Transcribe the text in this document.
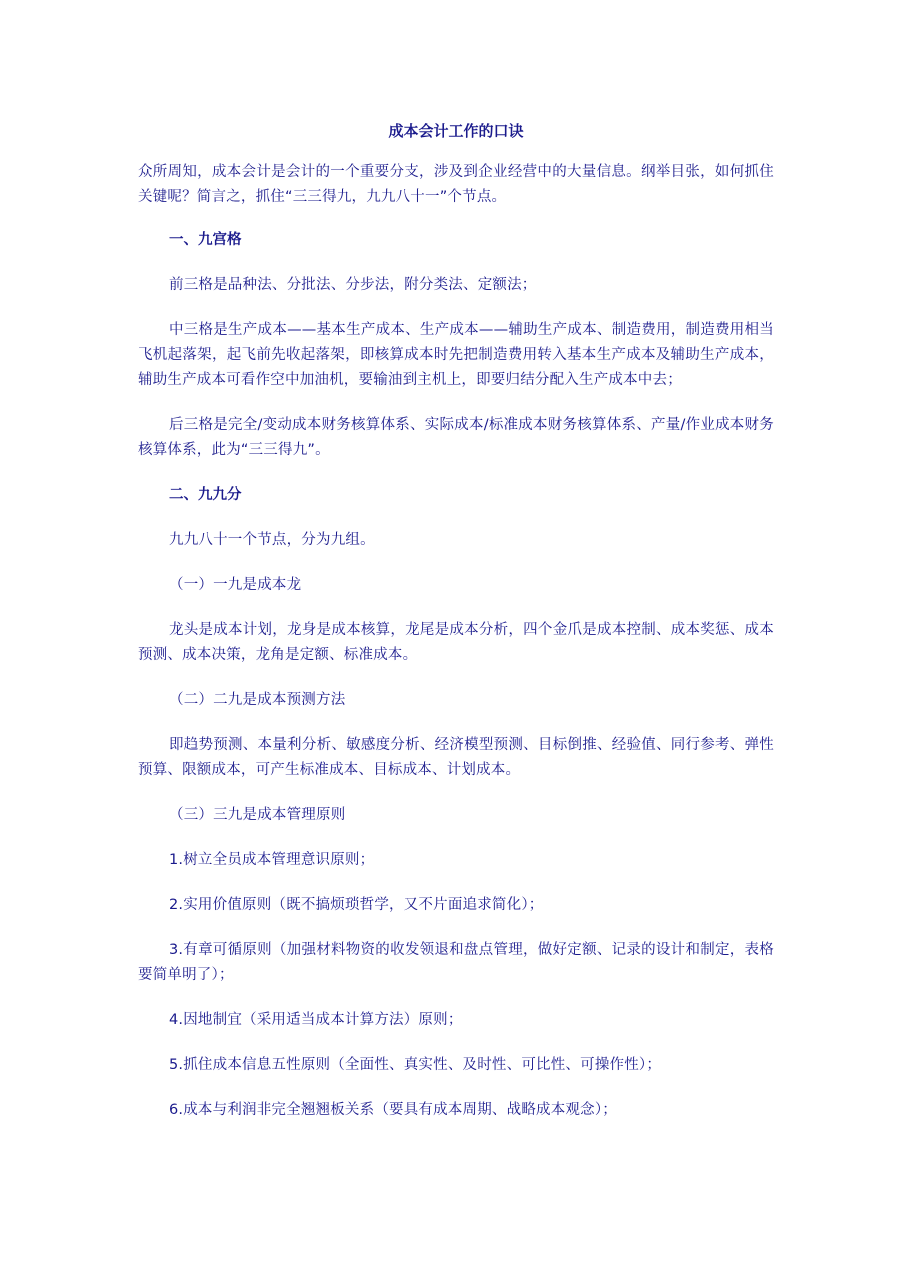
成本会计工作的口诀
众所周知，成本会计是会计的一个重要分支，涉及到企业经营中的大量信息。纲举目张，如何抓住关键呢？简言之，抓住“三三得九，九九八十一”个节点。
一、九宫格
前三格是品种法、分批法、分步法，附分类法、定额法；
中三格是生产成本——基本生产成本、生产成本——辅助生产成本、制造费用，制造费用相当飞机起落架，起飞前先收起落架，即核算成本时先把制造费用转入基本生产成本及辅助生产成本，辅助生产成本可看作空中加油机，要输油到主机上，即要归结分配入生产成本中去；
后三格是完全/变动成本财务核算体系、实际成本/标准成本财务核算体系、产量/作业成本财务核算体系，此为“三三得九”。
二、九九分
九九八十一个节点，分为九组。
（一）一九是成本龙
龙头是成本计划，龙身是成本核算，龙尾是成本分析，四个金爪是成本控制、成本奖惩、成本预测、成本决策，龙角是定额、标准成本。
（二）二九是成本预测方法
即趋势预测、本量利分析、敏感度分析、经济模型预测、目标倒推、经验值、同行参考、弹性预算、限额成本，可产生标准成本、目标成本、计划成本。
（三）三九是成本管理原则
1.树立全员成本管理意识原则；
2.实用价值原则（既不搞烦琐哲学，又不片面追求简化）；
3.有章可循原则（加强材料物资的收发领退和盘点管理，做好定额、记录的设计和制定，表格要简单明了）；
4.因地制宜（采用适当成本计算方法）原则；
5.抓住成本信息五性原则（全面性、真实性、及时性、可比性、可操作性）；
6.成本与利润非完全翘翘板关系（要具有成本周期、战略成本观念）；
